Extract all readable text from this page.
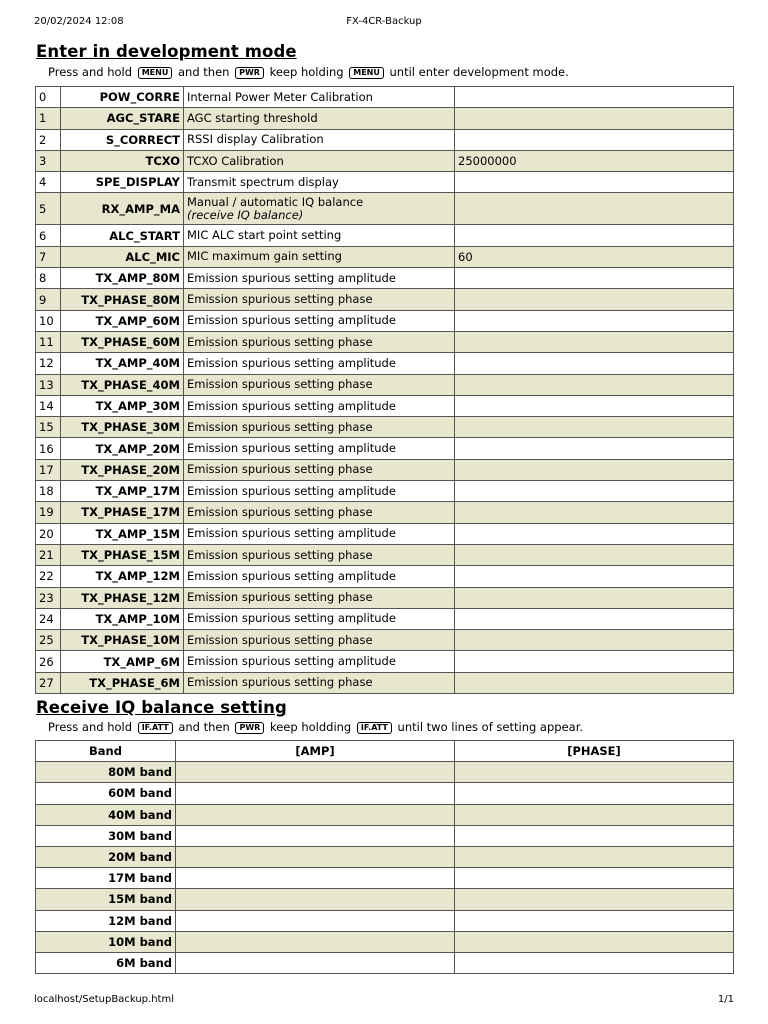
20/02/2024 12:08	FX-4CR-Backup
Enter in development mode
Press and hold MENU and then PWR keep holding MENU until enter development mode.
0	POW_CORRE	Internal Power Meter Calibration	
1	AGC_STARE	AGC starting threshold	
2	S_CORRECT	RSSI display Calibration	
3	TCXO	TCXO Calibration	25000000
4	SPE_DISPLAY	Transmit spectrum display	
5	RX_AMP_MA	Manual / automatic IQ balance
(receive IQ balance)	

6	ALC_START	MIC ALC start point setting	
7	ALC_MIC	MIC maximum gain setting	60
8	TX_AMP_80M	Emission spurious setting amplitude	
9	TX_PHASE_80M	Emission spurious setting phase	
10	TX_AMP_60M	Emission spurious setting amplitude	
11	TX_PHASE_60M	Emission spurious setting phase	
12	TX_AMP_40M	Emission spurious setting amplitude	
13	TX_PHASE_40M	Emission spurious setting phase	
14	TX_AMP_30M	Emission spurious setting amplitude	
15	TX_PHASE_30M	Emission spurious setting phase	
16	TX_AMP_20M	Emission spurious setting amplitude	
17	TX_PHASE_20M	Emission spurious setting phase	
18	TX_AMP_17M	Emission spurious setting amplitude	
19	TX_PHASE_17M	Emission spurious setting phase	
20	TX_AMP_15M	Emission spurious setting amplitude	
21	TX_PHASE_15M	Emission spurious setting phase	
22	TX_AMP_12M	Emission spurious setting amplitude	
23	TX_PHASE_12M	Emission spurious setting phase	
24	TX_AMP_10M	Emission spurious setting amplitude	
25	TX_PHASE_10M	Emission spurious setting phase	
26	TX_AMP_6M	Emission spurious setting amplitude	
27	TX_PHASE_6M	Emission spurious setting phase	
Receive IQ balance setting
Press and hold IF.ATT and then PWR keep holdding IF.ATT until two lines of setting appear.
Band	[AMP]	[PHASE]
80M band		
60M band		
40M band		
30M band		
20M band		
17M band		
15M band		
12M band		
10M band		
6M band		
localhost/SetupBackup.html	1/1
